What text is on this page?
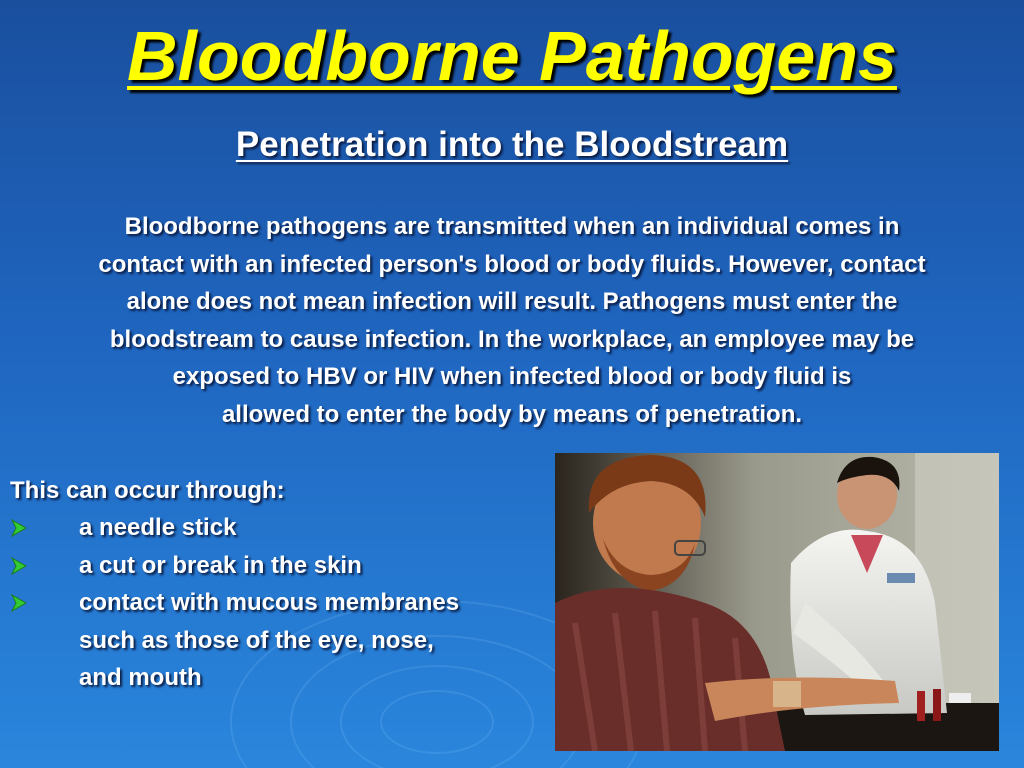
Bloodborne Pathogens
Penetration into the Bloodstream

Bloodborne pathogens are transmitted when an individual comes in
contact with an infected person's blood or body fluids. However, contact
alone does not mean infection will result. Pathogens must enter the
bloodstream to cause infection. In the workplace, an employee may be
exposed to HBV or HIV when infected blood or body fluid is
allowed to enter the body by means of penetration.

This can occur through:

a needle stick
a cut or break in the skin
contact with mucous membranes
such as those of the eye, nose,
and mouth
